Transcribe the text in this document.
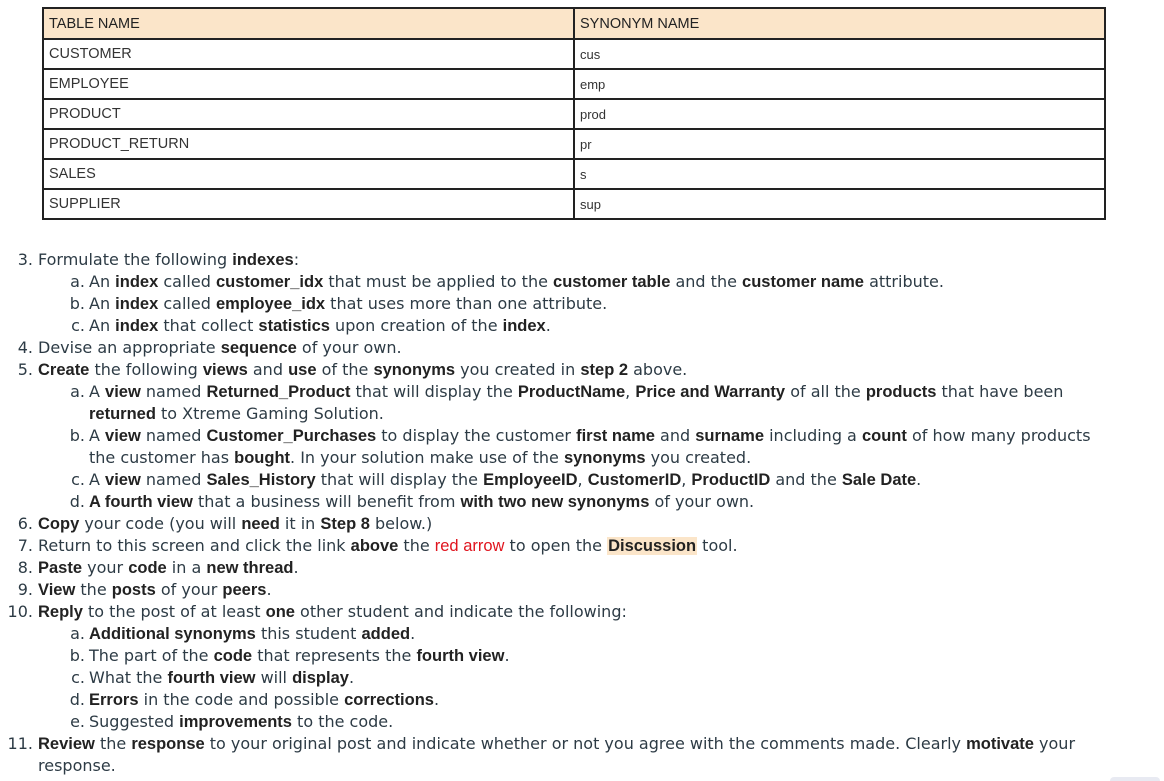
TABLE NAME	SYNONYM NAME
CUSTOMER	cus
EMPLOYEE	emp
PRODUCT	prod
PRODUCT_RETURN	pr
SALES	s
SUPPLIER	sup
3. Formulate the following indexes:
a. An index called customer_idx that must be applied to the customer table and the customer name attribute.
b. An index called employee_idx that uses more than one attribute.
c. An index that collect statistics upon creation of the index.
4. Devise an appropriate sequence of your own.
5. Create the following views and use of the synonyms you created in step 2 above.
a. A view named Returned_Product that will display the ProductName, Price and Warranty of all the products that have been returned to Xtreme Gaming Solution.
b. A view named Customer_Purchases to display the customer first name and surname including a count of how many products the customer has bought. In your solution make use of the synonyms you created.
c. A view named Sales_History that will display the EmployeeID, CustomerID, ProductID and the Sale Date.
d. A fourth view that a business will benefit from with two new synonyms of your own.
6. Copy your code (you will need it in Step 8 below.)
7. Return to this screen and click the link above the red arrow to open the Discussion tool.
8. Paste your code in a new thread.
9. View the posts of your peers.
10. Reply to the post of at least one other student and indicate the following:
a. Additional synonyms this student added.
b. The part of the code that represents the fourth view.
c. What the fourth view will display.
d. Errors in the code and possible corrections.
e. Suggested improvements to the code.
11. Review the response to your original post and indicate whether or not you agree with the comments made. Clearly motivate your response.
